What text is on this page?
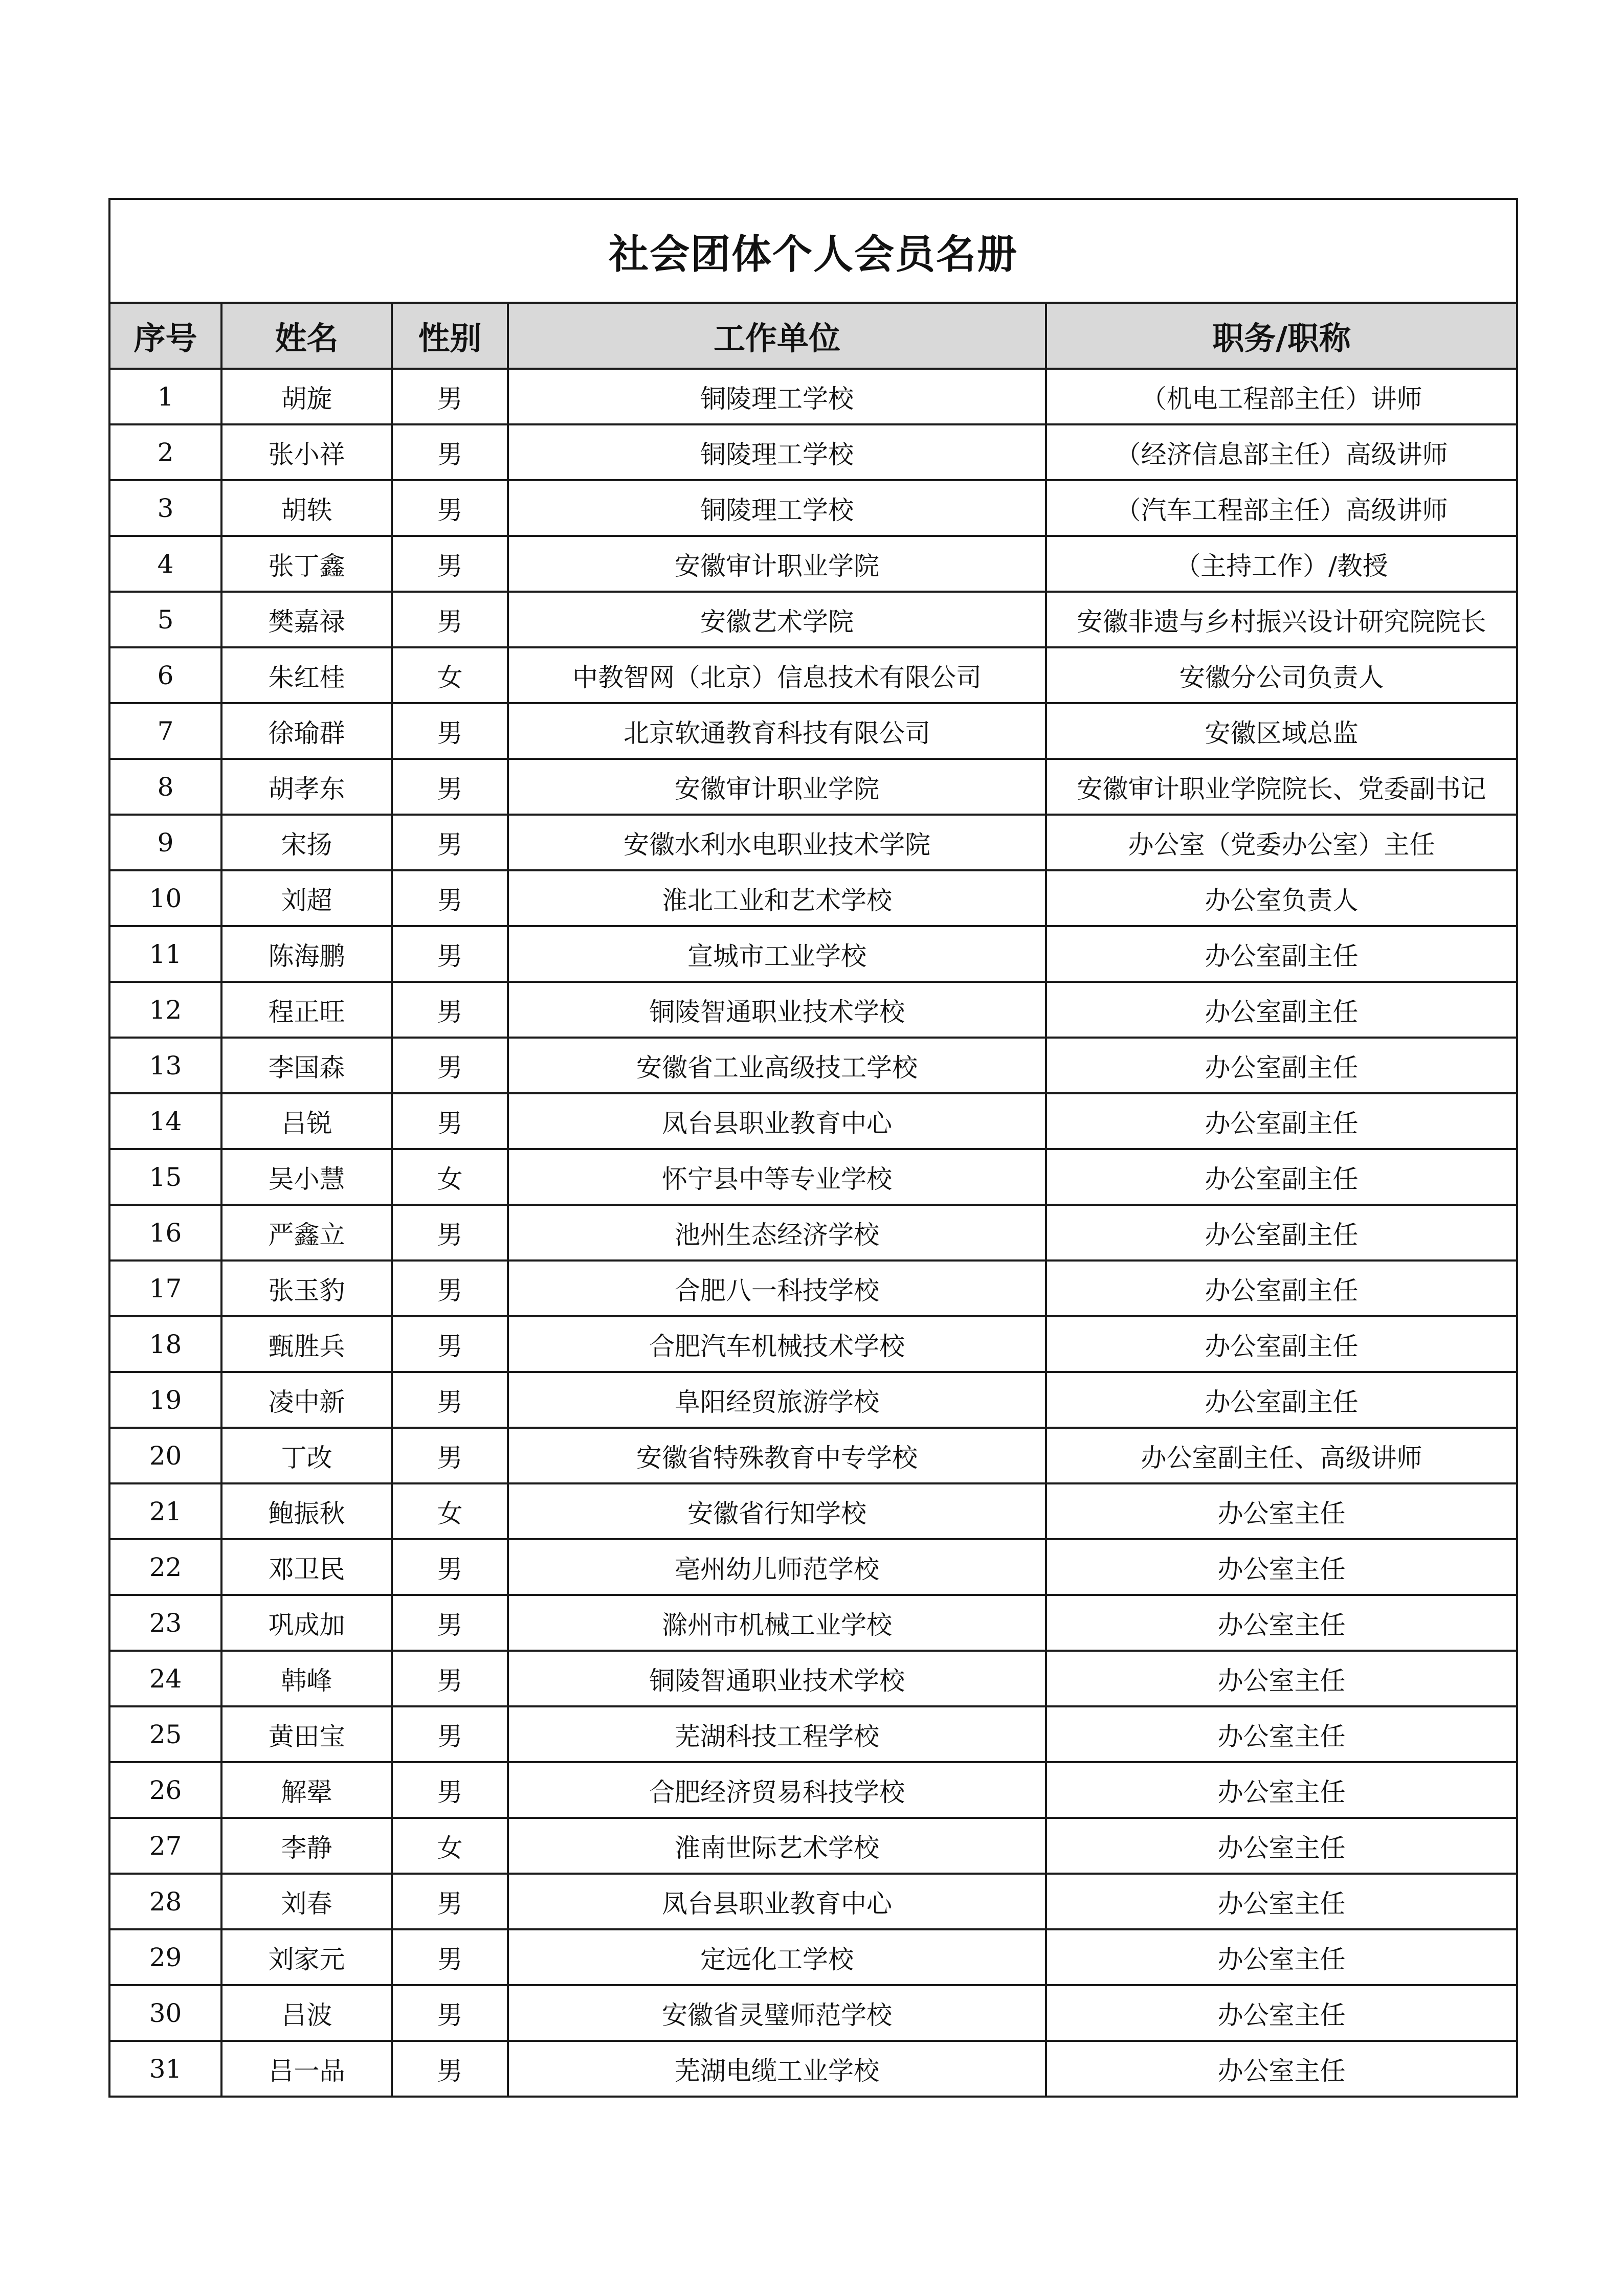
社会团体个人会员名册				
序号	姓名	性别	工作单位	职务/职称
1	胡旋	男	铜陵理工学校	（机电工程部主任）讲师
2	张小祥	男	铜陵理工学校	（经济信息部主任）高级讲师
3	胡轶	男	铜陵理工学校	（汽车工程部主任）高级讲师
4	张丁鑫	男	安徽审计职业学院	（主持工作）/教授
5	樊嘉禄	男	安徽艺术学院	安徽非遗与乡村振兴设计研究院院长
6	朱红桂	女	中教智网（北京）信息技术有限公司	安徽分公司负责人
7	徐瑜群	男	北京软通教育科技有限公司	安徽区域总监
8	胡孝东	男	安徽审计职业学院	安徽审计职业学院院长、党委副书记
9	宋扬	男	安徽水利水电职业技术学院	办公室（党委办公室）主任
10	刘超	男	淮北工业和艺术学校	办公室负责人
11	陈海鹏	男	宣城市工业学校	办公室副主任
12	程正旺	男	铜陵智通职业技术学校	办公室副主任
13	李国森	男	安徽省工业高级技工学校	办公室副主任
14	吕锐	男	凤台县职业教育中心	办公室副主任
15	吴小慧	女	怀宁县中等专业学校	办公室副主任
16	严鑫立	男	池州生态经济学校	办公室副主任
17	张玉豹	男	合肥八一科技学校	办公室副主任
18	甄胜兵	男	合肥汽车机械技术学校	办公室副主任
19	凌中新	男	阜阳经贸旅游学校	办公室副主任
20	丁改	男	安徽省特殊教育中专学校	办公室副主任、高级讲师
21	鲍振秋	女	安徽省行知学校	办公室主任
22	邓卫民	男	亳州幼儿师范学校	办公室主任
23	巩成加	男	滁州市机械工业学校	办公室主任
24	韩峰	男	铜陵智通职业技术学校	办公室主任
25	黄田宝	男	芜湖科技工程学校	办公室主任
26	解翚	男	合肥经济贸易科技学校	办公室主任
27	李静	女	淮南世际艺术学校	办公室主任
28	刘春	男	凤台县职业教育中心	办公室主任
29	刘家元	男	定远化工学校	办公室主任
30	吕波	男	安徽省灵璧师范学校	办公室主任
31	吕一品	男	芜湖电缆工业学校	办公室主任
